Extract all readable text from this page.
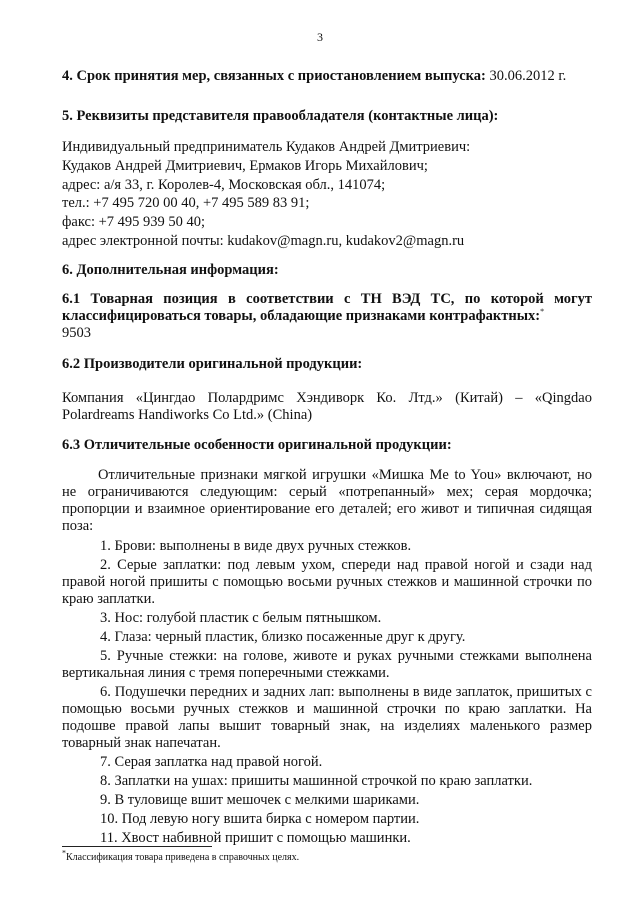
3
4. Срок принятия мер, связанных с приостановлением выпуска: 30.06.2012 г.
5. Реквизиты представителя правообладателя (контактные лица):
Индивидуальный предприниматель Кудаков Андрей Дмитриевич:
Кудаков Андрей Дмитриевич, Ермаков Игорь Михайлович;
адрес: а/я 33, г. Королев-4, Московская обл., 141074;
тел.: +7 495 720 00 40, +7 495 589 83 91;
факс: +7 495 939 50 40;
адрес электронной почты: kudakov@magn.ru, kudakov2@magn.ru
6. Дополнительная информация:
6.1 Товарная позиция в соответствии с ТН ВЭД ТС, по которой могут классифицироваться товары, обладающие признаками контрафактных:*
9503
6.2 Производители оригинальной продукции:
Компания «Цингдао Полардримс Хэндиворк Ко. Лтд.» (Китай) – «Qingdao Polardreams Handiworks Co Ltd.» (China)
6.3 Отличительные особенности оригинальной продукции:

Отличительные признаки мягкой игрушки «Мишка Me to You» включают, но не ограничиваются следующим: серый «потрепанный» мех; серая мордочка; пропорции и взаимное ориентирование его деталей; его живот и типичная сидящая поза:

1. Брови: выполнены в виде двух ручных стежков.

2. Серые заплатки: под левым ухом, спереди над правой ногой и сзади над правой ногой пришиты с помощью восьми ручных стежков и машинной строчки по краю заплатки.

3. Нос: голубой пластик с белым пятнышком.

4. Глаза: черный пластик, близко посаженные друг к другу.

5. Ручные стежки: на голове, животе и руках ручными стежками выполнена вертикальная линия с тремя поперечными стежками.

6. Подушечки передних и задних лап: выполнены в виде заплаток, пришитых с помощью восьми ручных стежков и машинной строчки по краю заплатки. На подошве правой лапы вышит товарный знак, на изделиях маленького размер товарный знак напечатан.

7. Серая заплатка над правой ногой.

8. Заплатки на ушах: пришиты машинной строчкой по краю заплатки.

9. В туловище вшит мешочек с мелкими шариками.

10. Под левую ногу вшита бирка с номером партии.

11. Хвост набивной пришит с помощью машинки.

*Классификация товара приведена в справочных целях.
